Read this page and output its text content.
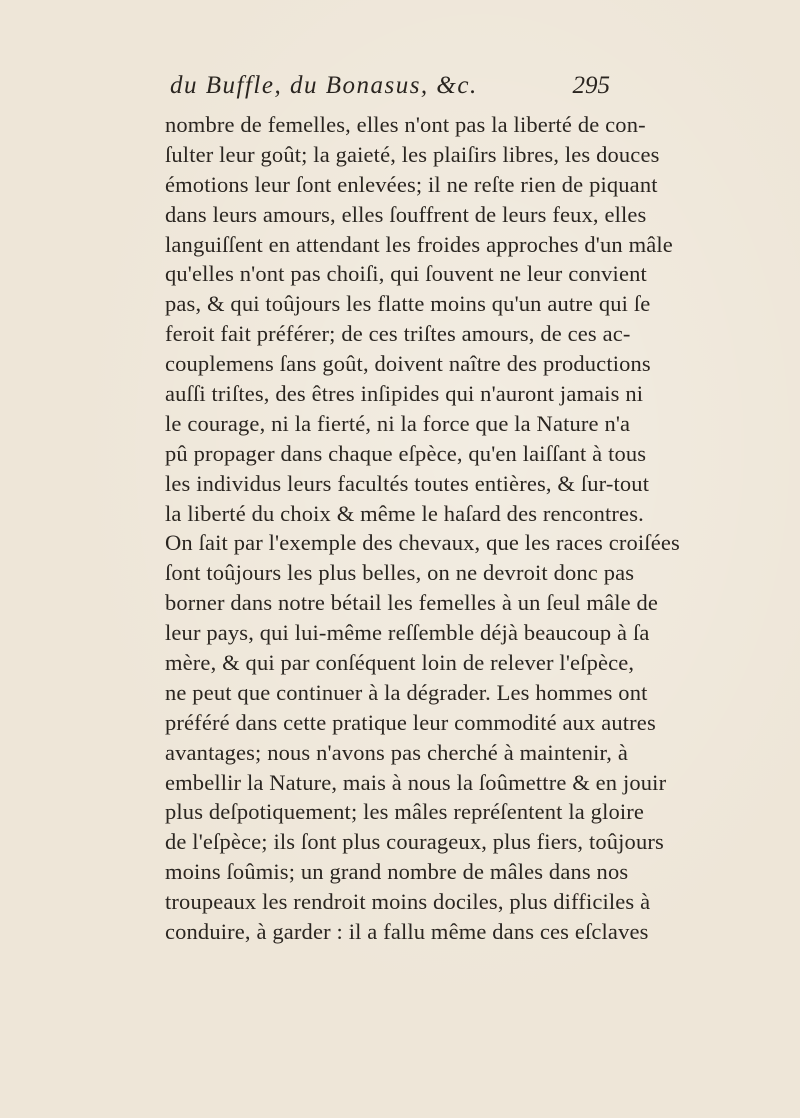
du Buffle, du Bonasus, &c.	295
nombre de femelles, elles n'ont pas la liberté de con-
ſulter leur goût; la gaieté, les plaiſirs libres, les douces
émotions leur ſont enlevées; il ne reſte rien de piquant
dans leurs amours, elles ſouffrent de leurs feux, elles
languiſſent en attendant les froides approches d'un mâle
qu'elles n'ont pas choiſi, qui ſouvent ne leur convient
pas, & qui toûjours les flatte moins qu'un autre qui ſe
feroit fait préférer; de ces triſtes amours, de ces ac-
couplemens ſans goût, doivent naître des productions
auſſi triſtes, des êtres inſipides qui n'auront jamais ni
le courage, ni la fierté, ni la force que la Nature n'a
pû propager dans chaque eſpèce, qu'en laiſſant à tous
les individus leurs facultés toutes entières, & ſur-tout
la liberté du choix & même le haſard des rencontres.
On ſait par l'exemple des chevaux, que les races croiſées
ſont toûjours les plus belles, on ne devroit donc pas
borner dans notre bétail les femelles à un ſeul mâle de
leur pays, qui lui-même reſſemble déjà beaucoup à ſa
mère, & qui par conſéquent loin de relever l'eſpèce,
ne peut que continuer à la dégrader. Les hommes ont
préféré dans cette pratique leur commodité aux autres
avantages; nous n'avons pas cherché à maintenir, à
embellir la Nature, mais à nous la ſoûmettre & en jouir
plus deſpotiquement; les mâles repréſentent la gloire
de l'eſpèce; ils ſont plus courageux, plus fiers, toûjours
moins ſoûmis; un grand nombre de mâles dans nos
troupeaux les rendroit moins dociles, plus difficiles à
conduire, à garder : il a fallu même dans ces eſclaves
